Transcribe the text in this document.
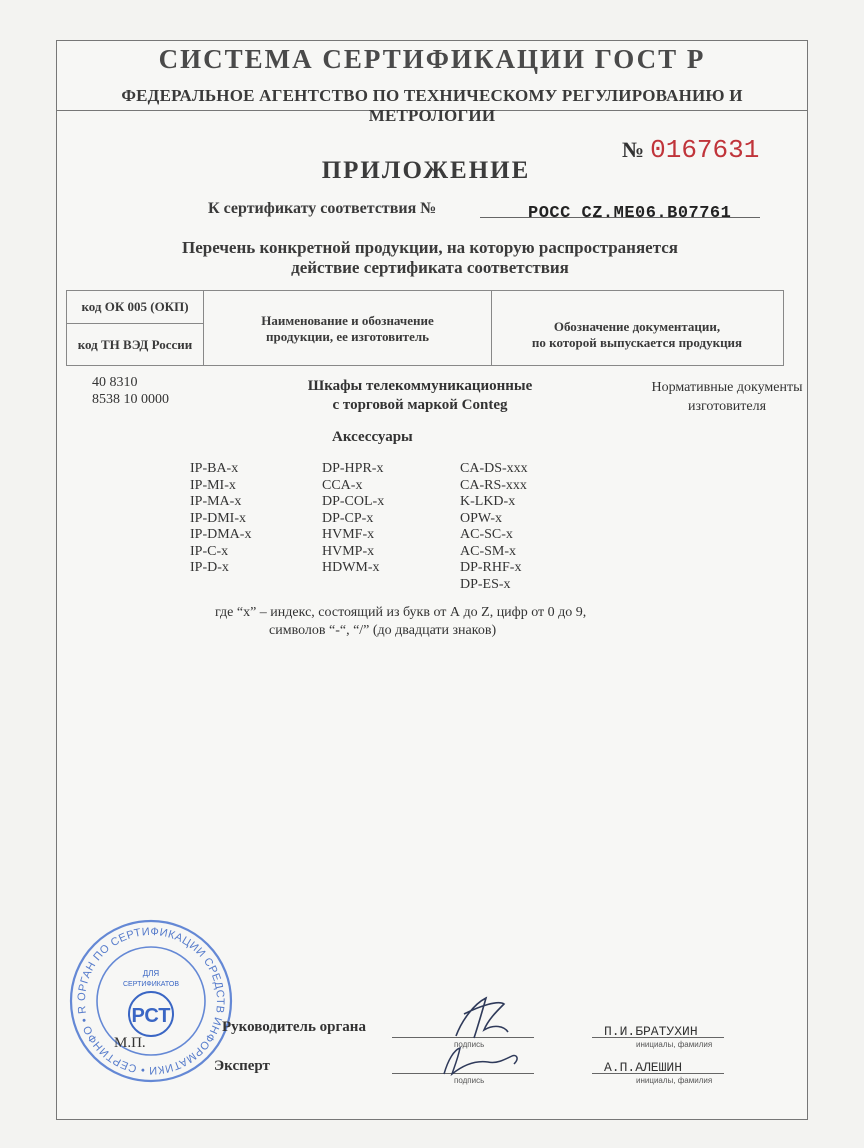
СИСТЕМА СЕРТИФИКАЦИИ ГОСТ Р
ФЕДЕРАЛЬНОЕ АГЕНТСТВО ПО ТЕХНИЧЕСКОМУ РЕГУЛИРОВАНИЮ И МЕТРОЛОГИИ
№ 0167631
ПРИЛОЖЕНИЕ
К сертификату соответствия №	РОСС CZ.МЕ06.В07761
Перечень конкретной продукции, на которую распространяется
действие сертификата соответствия
код ОК 005 (ОКП)
код ТН ВЭД России
Наименование и обозначение
продукции, ее изготовитель
Обозначение документации,
по которой выпускается продукция
40 8310
8538 10 0000
Шкафы телекоммуникационные
с торговой маркой Conteg
Нормативные документы
изготовителя
Аксессуары
IP-BA-x
IP-MI-x
IP-MA-x
IP-DMI-x
IP-DMA-x
IP-C-x
IP-D-x
DP-HPR-x
CCA-x
DP-COL-x
DP-CP-x
HVMF-x
HVMP-x
HDWM-x
CA-DS-xxx
CA-RS-xxx
K-LKD-x
OPW-x
AC-SC-x
AC-SM-x
DP-RHF-x
DP-ES-x
где “x” – индекс, состоящий из букв от А до Z, цифр от 0 до 9,
символов “-“, “/” (до двадцати знаков)
ОРГАН ПО СЕРТИФИКАЦИИ СРЕДСТВ ИНФОРМАТИКИ • СЕРТИНФО • R
ДЛЯ
СЕРТИФИКАТОВ
РСТ
М.П.
Руководитель органа
Эксперт
подпись
подпись
инициалы, фамилия
инициалы, фамилия
П.И.БРАТУХИН
А.П.АЛЕШИН
